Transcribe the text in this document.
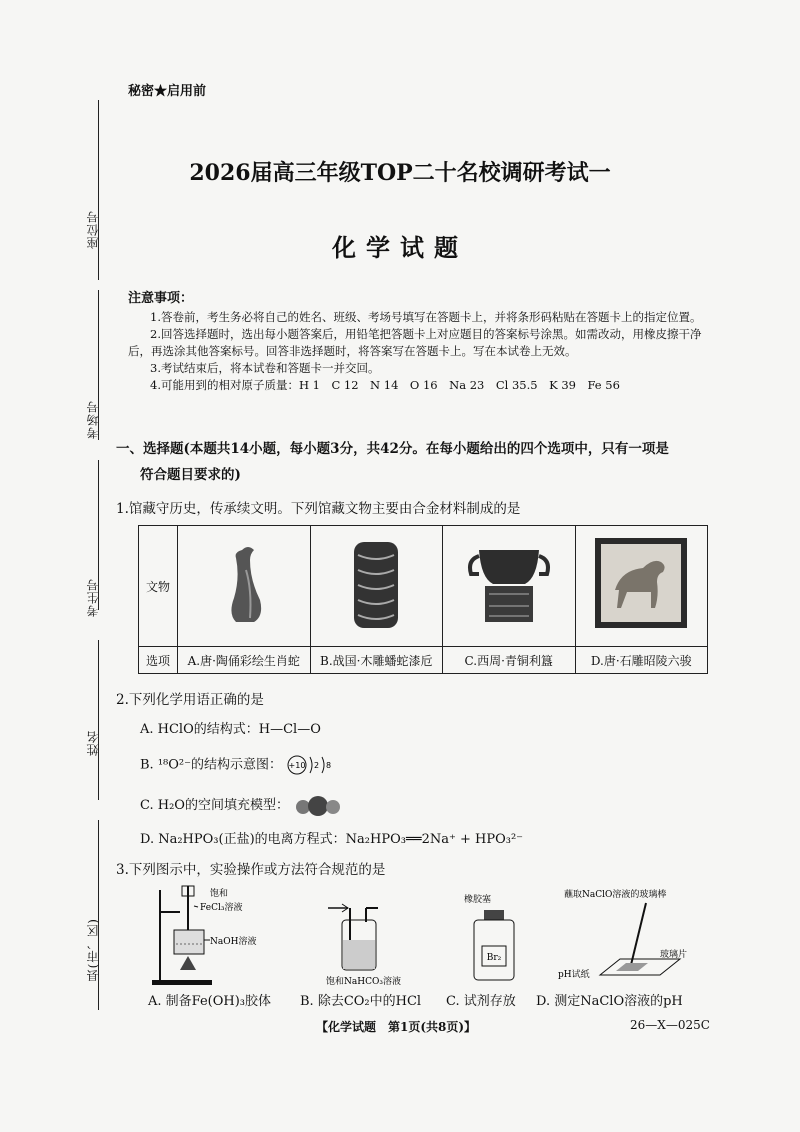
座位号
考场号
考生号
姓名
县(市、区)
秘密★启用前
2026届高三年级TOP二十名校调研考试一
化学试题
注意事项：
1.答卷前，考生务必将自己的姓名、班级、考场号填写在答题卡上，并将条形码粘贴在答题卡上的指定位置。
2.回答选择题时，选出每小题答案后，用铅笔把答题卡上对应题目的答案标号涂黑。如需改动，用橡皮擦干净后，再选涂其他答案标号。回答非选择题时，将答案写在答题卡上。写在本试卷上无效。
3.考试结束后，将本试卷和答题卡一并交回。
4.可能用到的相对原子质量：H 1　C 12　N 14　O 16　Na 23　Cl 35.5　K 39　Fe 56
一、选择题(本题共14小题，每小题3分，共42分。在每小题给出的四个选项中，只有一项是
符合题目要求的)
1.馆藏守历史，传承续文明。下列馆藏文物主要由合金材料制成的是
文物				
选项	A.唐·陶俑彩绘生肖蛇	B.战国·木雕蟠蛇漆卮	C.西周·青铜利簋	D.唐·石雕昭陵六骏
2.下列化学用语正确的是
A. HClO的结构式：H—Cl—O
B. ¹⁸O²⁻的结构示意图： +10 2 8
C. H₂O的空间填充模型：
D. Na₂HPO₃(正盐)的电离方程式：Na₂HPO₃══2Na⁺ + HPO₃²⁻
3.下列图示中，实验操作或方法符合规范的是
饱和
FeCl₃溶液
NaOH溶液
饱和NaHCO₃溶液
橡胶塞
Br₂
蘸取NaClO溶液的玻璃棒
pH试纸
玻璃片
A. 制备Fe(OH)₃胶体 B. 除去CO₂中的HCl C. 试剂存放 D. 测定NaClO溶液的pH
【化学试题　第1页(共8页)】	26—X—025C
